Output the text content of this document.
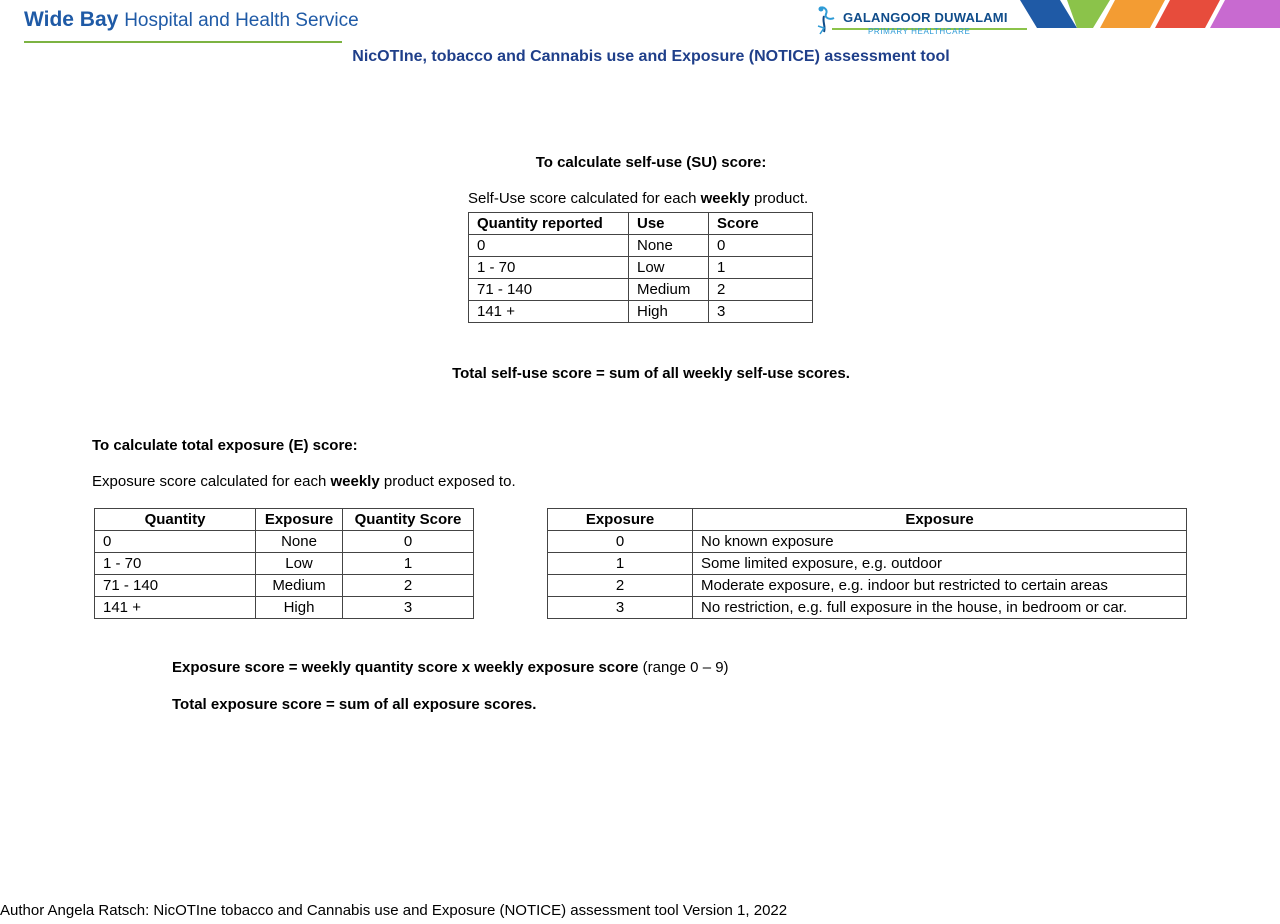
Wide Bay Hospital and Health Service	GALANGOOR DUWALAMI
PRIMARY HEALTHCARE
NicOTIne, tobacco and Cannabis use and Exposure (NOTICE) assessment tool
To calculate self-use (SU) score:
Self-Use score calculated for each weekly product.
Quantity reported	Use	Score
0	None	0
1 - 70	Low	1
71 - 140	Medium	2
141 +	High	3
Total self-use score = sum of all weekly self-use scores.
To calculate total exposure (E) score:
Exposure score calculated for each weekly product exposed to.
Quantity	Exposure	Quantity Score
0	None	0
1 - 70	Low	1
71 - 140	Medium	2
141 +	High	3
Exposure	Exposure
0	No known exposure
1	Some limited exposure, e.g. outdoor
2	Moderate exposure, e.g. indoor but restricted to certain areas
3	No restriction, e.g. full exposure in the house, in bedroom or car.
Exposure score = weekly quantity score x weekly exposure score (range 0 – 9)
Total exposure score = sum of all exposure scores.
Author Angela Ratsch: NicOTIne tobacco and Cannabis use and Exposure (NOTICE) assessment tool Version 1, 2022
